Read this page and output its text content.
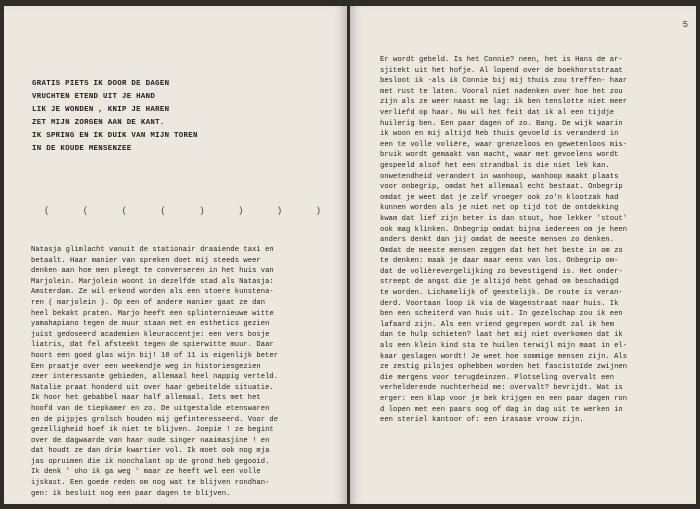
GRATIS PIETS IK DOOR DE DAGEN
VRUCHTEN ETEND UIT JE HAND
LIK JE WONDEN , KNIP JE HAREN
ZET MIJN ZORGEN AAN DE KANT.
IK SPRING EN IK DUIK VAN MIJN TOREN
IN DE KOUDE MENSENZEE
( ( ( ( ) ) ) )
Natasja glimlacht vanuit de stationair draaiende taxi en
betaalt. Haar manier van spreken doet mij steeds weer
denken aan hoe men pleegt te converseren in het huis van
Marjolein. Marjolein woont in dezelfde stad als Natasja:
Amsterdam. Ze wil erkend worden als een stoere kunstena-
ren ( marjolein ). Op een of andere manier gaat ze dan
heel bekakt praten. Marjo heeft een splinternieuwe witte
yamahapiano tegen de muur staan met en esthetics gezien
juist gedoseerd academien kleuraccentje: een vers bosje
liatris, dat fel afsteekt tegen de spierwitte muur. Daar
hoort een goed glas wijn bij! 10 of 11 is eigenlijk beter
Een praatje over een weekendje weg in historiesgezien
zeer interessante gebieden, allemaal heel nappig verteld.
Natalie praat honderd uit over haar gebeitelde situatie.
Ik hoor het gebabbel maar half allemaal. Iets met het
hoofd van de tiepkamer en zo. De uitgestalde etenswaren
en de pijpjes grolsch houden mij gefinteresseerd. Voor de
gezelligheid hoef ik niet te blijven. Joepie ! ze begint
over de dagwaarde van haar oude singer naaimasjine ! en
dat houdt ze dan drie kwartier vol. Ik moet ook nog mja
jas opruimen die ik nonchalant op de grond heb gegooid.
Ik denk ' oho ik ga weg ' maar ze heeft wel een volle
ijskast. Een goede reden om nog wat te blijven rondhan-
gen: ik besluit nog een paar dagen te blijven.
5
Er wordt gebeld. Is het Connie? neen, het is Hans de ar-
sjitekt uit het hofje. Al lopend over de boekhorststraat
besloot ik -als ik Connie bij mij thuis zou treffen- haar
met rust te laten. Vooral niet nadenken over hoe het zou
zijn als ze weer naast me lag: ik ben tenslotte niet meer
verliefd op haar. Nu wil het feit dat ik al een tijdje
huilerig ben. Een paar dagen of zo. Bang. De wijk waarin
ik woon en mij altijd heb thuis gevoeld is veranderd in
een te volle voliëre, waar grenzeloos en gewetenloos mis-
bruik wordt gemaakt van macht, waar met gevoelens wordt
gespeeld alsof het een strandbal is die niet lek kan.
onwetendheid verandert in wanhoop, wanhoop maakt plaats
voor onbegrip, omdat het allemaal echt bestaat. Onbegrip
omdat je weet dat je zelf vroeger ook zo'n klootzak had
kunnen worden als je niet net op tijd tot de ontdekking
kwam dat lief zijn beter is dan stout, hoe lekker 'stout'
ook mag klinken. Onbegrip omdat bijna iedereen om je heen
anders denkt dan jij omdat de meeste mensen zo denken.
Omdat de meeste mensen zeggen dat het het beste in om zo
te denken: maak je daar maar eens van los. Onbegrip om-
dat de volièrevergelijking zo bevestigend is. Het onder-
streept de angst die je altijd hebt gehad om beschadigd
te worden. Lichamelijk of geestelijk. De route is veran-
derd. Voortaan loop ik via de Wagenstraat naar huis. Ik
ben een scheiterd van huis uit. In gezelschap zou ik een
lafaard zijn. Als een vriend gegrepen wordt zal ik hem
dan te hulp schieten? laat het mij niet overkomen dat ik
als een klein kind sta te huilen terwijl mijn maat in el-
kaar geslagen wordt! Je weet hoe sommige mensen zijn. Als
ze zestig pilsjes ophebben worden het fascistoïde zwijnen
die mergens voor terugdeinzen. Plotseling overvalt een
verhelderende nuchterheid me: overvalt? bevrijdt. Wat is
erger: een klap voor je bek krijgen en een paar dagen ron
d lopen met een paars oog of dag in dag uit te werken in
een steriel kantoor of: een irasase vrouw zijn.
